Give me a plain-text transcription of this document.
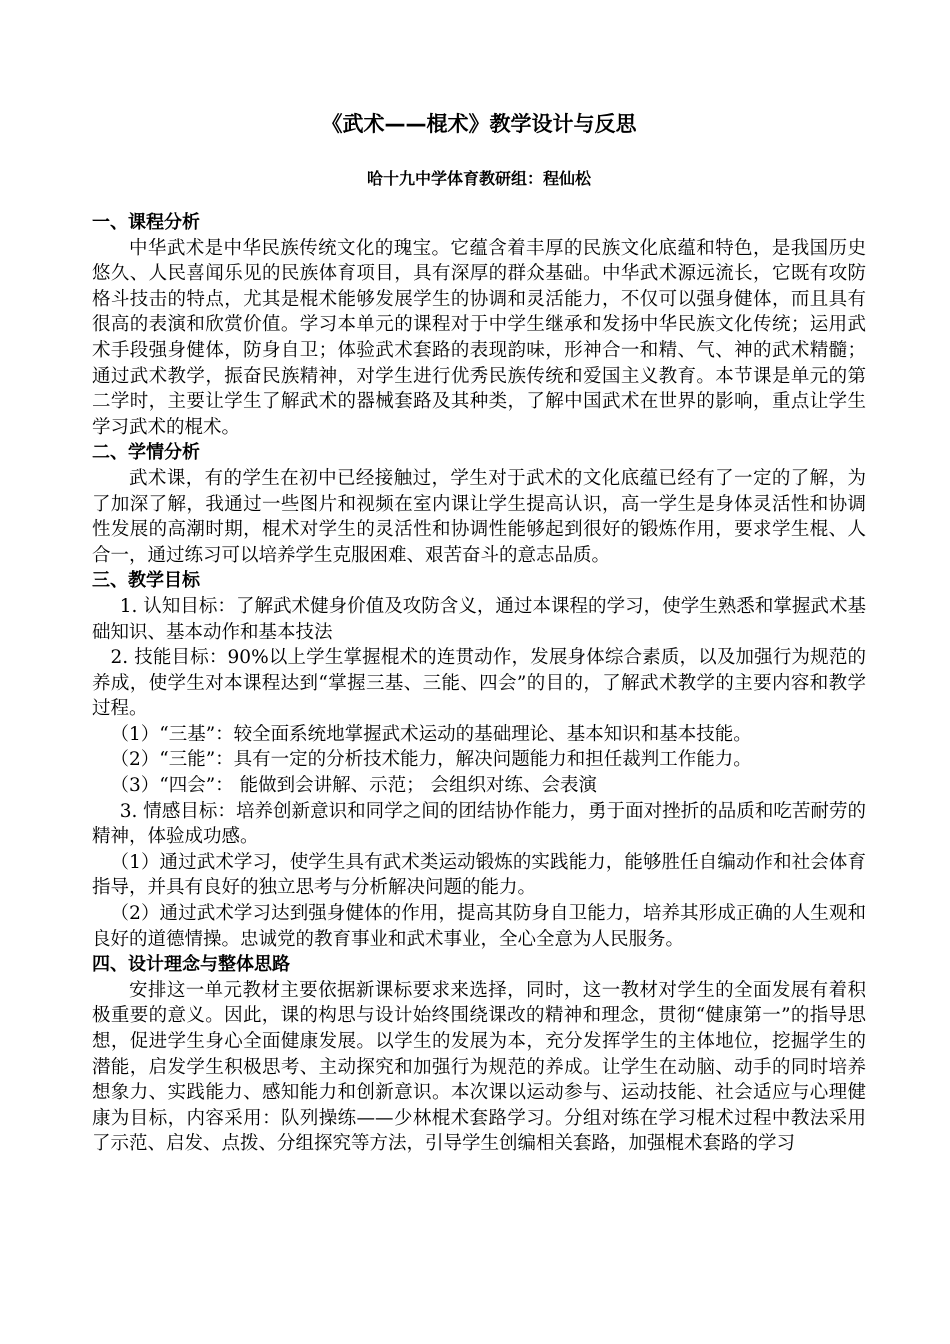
《武术——棍术》教学设计与反思

哈十九中学体育教研组：程仙松

一、课程分析

中华武术是中华民族传统文化的瑰宝。它蕴含着丰厚的民族文化底蕴和特色，是我国历史悠久、人民喜闻乐见的民族体育项目，具有深厚的群众基础。中华武术源远流长，它既有攻防格斗技击的特点，尤其是棍术能够发展学生的协调和灵活能力，不仅可以强身健体，而且具有很高的表演和欣赏价值。学习本单元的课程对于中学生继承和发扬中华民族文化传统；运用武术手段强身健体，防身自卫；体验武术套路的表现韵味，形神合一和精、气、神的武术精髓；通过武术教学，振奋民族精神，对学生进行优秀民族传统和爱国主义教育。本节课是单元的第二学时，主要让学生了解武术的器械套路及其种类，了解中国武术在世界的影响，重点让学生学习武术的棍术。

二、学情分析

武术课，有的学生在初中已经接触过，学生对于武术的文化底蕴已经有了一定的了解，为了加深了解，我通过一些图片和视频在室内课让学生提高认识，高一学生是身体灵活性和协调性发展的高潮时期，棍术对学生的灵活性和协调性能够起到很好的锻炼作用，要求学生棍、人合一，通过练习可以培养学生克服困难、艰苦奋斗的意志品质。

三、教学目标

1. 认知目标：了解武术健身价值及攻防含义，通过本课程的学习，使学生熟悉和掌握武术基础知识、基本动作和基本技法

2. 技能目标：90%以上学生掌握棍术的连贯动作，发展身体综合素质，以及加强行为规范的养成，使学生对本课程达到“掌握三基、三能、四会”的目的，了解武术教学的主要内容和教学过程。

（1）“三基”：较全面系统地掌握武术运动的基础理论、基本知识和基本技能。

（2）“三能”：具有一定的分析技术能力，解决问题能力和担任裁判工作能力。

（3）“四会”： 能做到会讲解、示范； 会组织对练、会表演

3. 情感目标：培养创新意识和同学之间的团结协作能力，勇于面对挫折的品质和吃苦耐劳的精神，体验成功感。

（1）通过武术学习，使学生具有武术类运动锻炼的实践能力，能够胜任自编动作和社会体育指导，并具有良好的独立思考与分析解决问题的能力。

（2）通过武术学习达到强身健体的作用，提高其防身自卫能力，培养其形成正确的人生观和良好的道德情操。忠诚党的教育事业和武术事业，全心全意为人民服务。

四、设计理念与整体思路

安排这一单元教材主要依据新课标要求来选择，同时，这一教材对学生的全面发展有着积极重要的意义。因此，课的构思与设计始终围绕课改的精神和理念，贯彻“健康第一”的指导思想，促进学生身心全面健康发展。以学生的发展为本，充分发挥学生的主体地位，挖掘学生的潜能，启发学生积极思考、主动探究和加强行为规范的养成。让学生在动脑、动手的同时培养想象力、实践能力、感知能力和创新意识。本次课以运动参与、运动技能、社会适应与心理健康为目标，内容采用：队列操练——少林棍术套路学习。分组对练在学习棍术过程中教法采用了示范、启发、点拨、分组探究等方法，引导学生创编相关套路，加强棍术套路的学习
